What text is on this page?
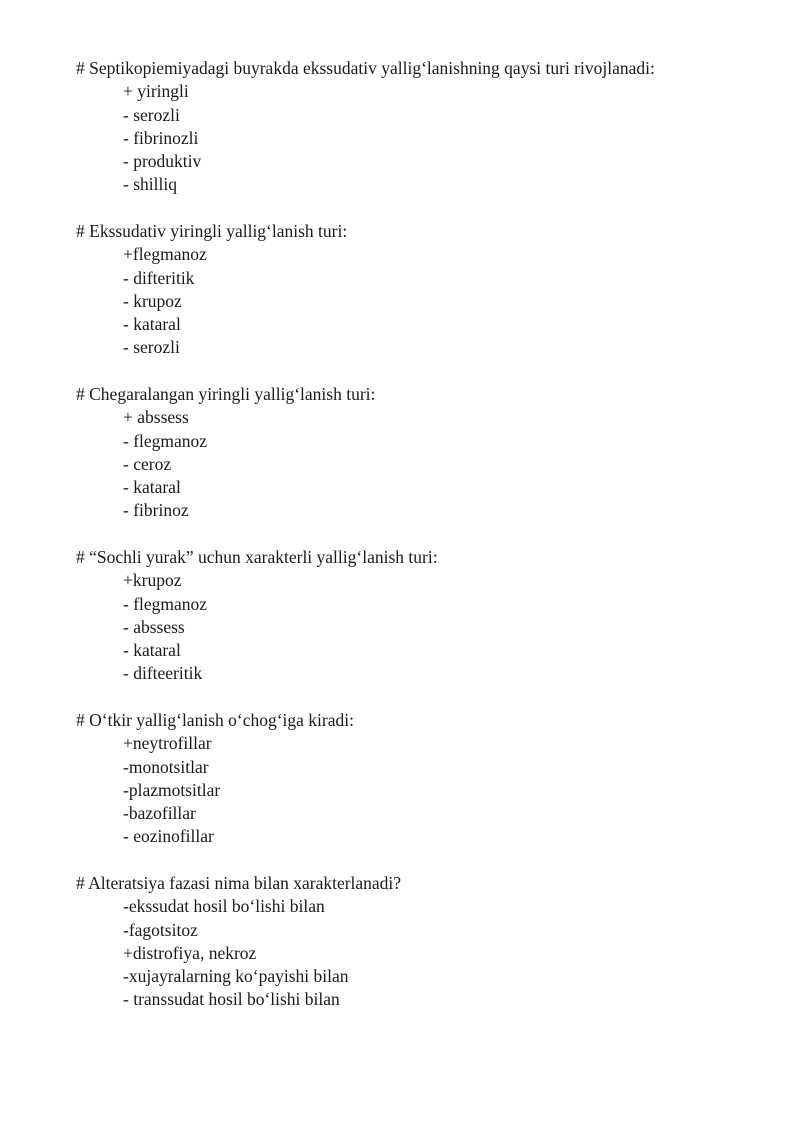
# Septikopiemiyadagi buyrakda ekssudativ yallig‘lanishning qaysi turi rivojlanadi:
+ yiringli
- serozli
- fibrinozli
- produktiv
- shilliq
# Ekssudativ yiringli yallig‘lanish turi:
+flegmanoz
- difteritik
- krupoz
- kataral
- serozli
# Chegaralangan yiringli yallig‘lanish turi:
+ abssess
- flegmanoz
- ceroz
- kataral
- fibrinoz
# “Sochli yurak” uchun xarakterli yallig‘lanish turi:
+krupoz
- flegmanoz
- abssess
- kataral
- difteeritik
# O‘tkir yallig‘lanish o‘chog‘iga kiradi:
+neytrofillar
-monotsitlar
-plazmotsitlar
-bazofillar
- eozinofillar
# Alteratsiya fazasi nima bilan xarakterlanadi?
-ekssudat hosil bo‘lishi bilan
-fagotsitoz
+distrofiya, nekroz
-xujayralarning ko‘payishi bilan
- transsudat hosil bo‘lishi bilan
